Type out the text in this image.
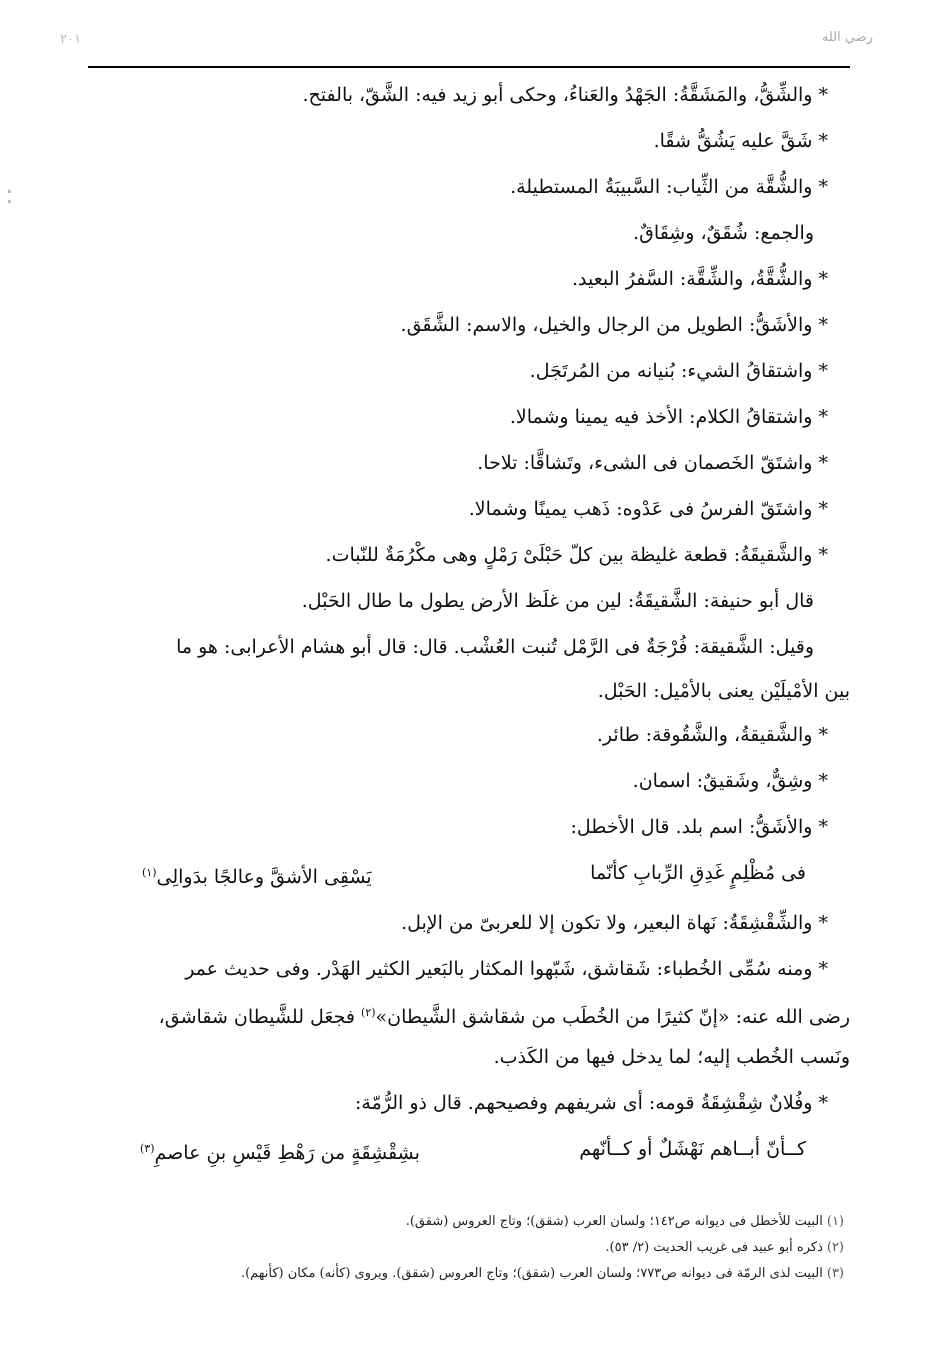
رضي الله
٢٠١
ﹾ
ﹾ
* والشِّقُّ، والمَشَقَّةُ: الجَهْدُ والعَناءُ، وحكى أبو زيد فيه: الشَّقّ، بالفتح.
* شَقَّ عليه يَشُقُّ شقًا.
* والشُّقَّة من الثِّياب: السَّبيبَةُ المستطيلة.
والجمع: شُقَقٌ، وشِقَاقٌ.
* والشُّقَّةُ، والشِّقَّة: السَّفرُ البعيد.
* والأشَقُّ: الطويل من الرجال والخيل، والاسم: الشَّقَق.
* واشتقاقُ الشيء: بُنيانه من المُرتَجَل.
* واشتقاقُ الكلام: الأخذ فيه يمينا وشمالا.
* واشتَقّ الخَصمان فى الشىء، وتَشاقَّا: تلاحا.
* واشتَقّ الفرسُ فى عَدْوه: ذَهب يمينًا وشمالا.
* والشَّقيقَةُ: قطعة غليظة بين كلّ حَبْلَىْ رَمْلٍ وهى مكْرُمَةٌ للنّبات.
قال أبو حنيفة: الشَّقيقَةُ: لين من غلَظ الأرض يطول ما طال الحَبْل.
وقيل: الشَّقيقة: فُرْجَةٌ فى الرَّمْل تُنبت العُشْب. قال: قال أبو هشام الأعرابى: هو ما
بين الأمْيلَيْن يعنى بالأمْيل: الحَبْل.
* والشَّقيقةُ، والشَّقُوقة: طائر.
* وشِقٌّ، وشَقيقٌ: اسمان.
* والأشَقُّ: اسم بلد. قال الأخطل:
فى مُظْلِمٍ غَدِقِ الرِّبابِ كأنّما
يَسْقِى الأشقَّ وعالجًا بدَوالِى$^{(١)}$
* والشِّقْشِقَةُ: نَهاة البعير، ولا تكون إلا للعربىّ من الإبل.
* ومنه سُمِّى الخُطباء: شَقاشق، شَبّهوا المكثار بالبَعير الكثير الهَدْر. وفى حديث عمر
رضى الله عنه: «إنّ كثيرًا من الخُطَب من شقاشق الشَّيطان»$^{(٢)}$ فجعَل للشَّيطان شقاشق،
ونَسب الخُطب إليه؛ لما يدخل فيها من الكَذب.
* وفُلانٌ شِقْشِقَةُ قومه: أى شريفهم وفصيحهم. قال ذو الرُّمّة:
كــأنّ أبــاهم نَهْشَلٌ أو كــأنّهم
بشِقْشِقَةٍ من رَهْطِ قَيْسِ بنِ عاصمِ$^{(٣)}$
(١)البيت للأخطل فى ديوانه ص١٤٢؛ ولسان العرب (شقق)؛ وتاج العروس (شقق).
(٢)ذكره أبو عبيد فى غريب الحديث (٢/ ٥٣).
(٣)البيت لذى الرمّة فى ديوانه ص٧٧٣؛ ولسان العرب (شقق)؛ وتاج العروس (شقق). ويروى (كأنه) مكان (كأنهم).
